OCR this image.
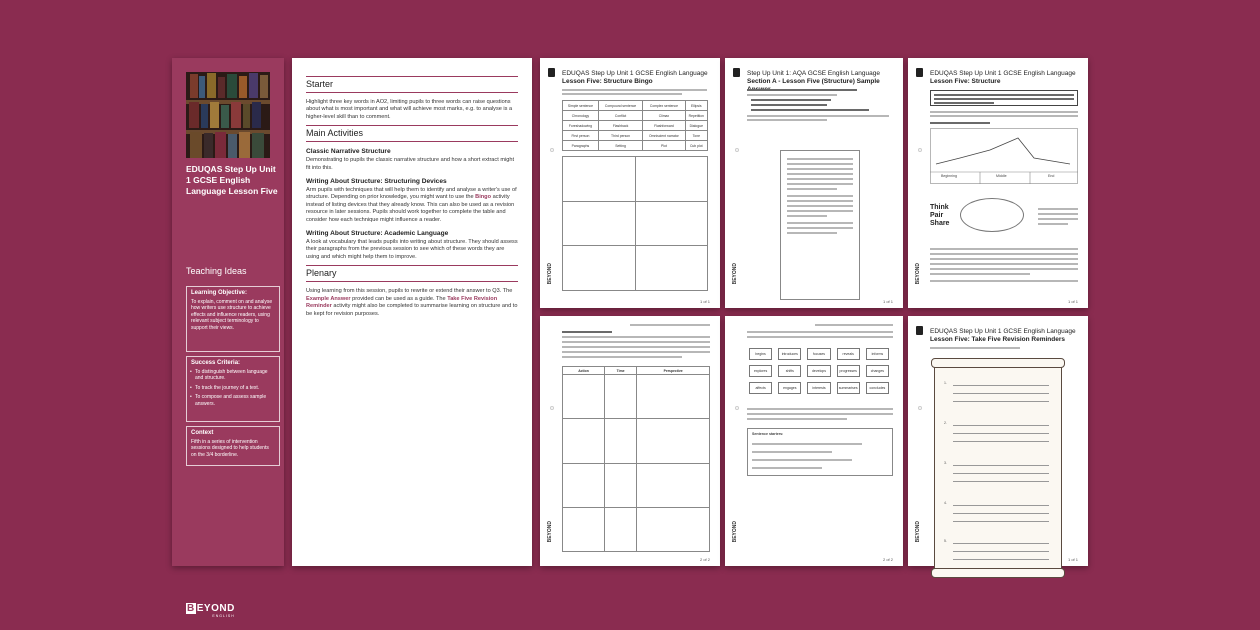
EDUQAS Step Up Unit 1 GCSE English Language Lesson Five
Teaching Ideas
Learning Objective:
To explain, comment on and analyse how writers use structure to achieve effects and influence readers, using relevant subject terminology to support their views.
Success Criteria:
• To distinguish between language and structure.
• To track the journey of a text.
• To compose and assess sample answers.
Context
Fifth in a series of intervention sessions designed to help students on the 3/4 borderline.
B EYOND
ENGLISH
Starter

Highlight three key words in AO2, limiting pupils to three words can raise questions about what is most important and what will achieve most marks, e.g. to analyse is a higher-level skill than to comment.

Main Activities
Classic Narrative Structure

Demonstrating to pupils the classic narrative structure and how a short extract might fit into this.

Writing About Structure: Structuring Devices

Arm pupils with techniques that will help them to identify and analyse a writer's use of structure. Depending on prior knowledge, you might want to use the Bingo activity instead of listing devices that they already know. This can also be used as a revision resource in later sessions. Pupils should work together to complete the table and consider how each technique might influence a reader.

Writing About Structure: Academic Language

A look at vocabulary that leads pupils into writing about structure. They should assess their paragraphs from the previous session to see which of these words they are using and which might help them to improve.

Plenary

Using learning from this session, pupils to rewrite or extend their answer to Q3. The Example Answer provided can be used as a guide. The Take Five Revision Reminder activity might also be completed to summarise learning on structure and to be kept for revision purposes.

EDUQAS Step Up Unit 1 GCSE English Language
Lesson Five: Structure Bingo
Simple sentence	Compound sentence	Complex sentence	Ellipsis
Chronology	Conflict	Climax	Repetition
Foreshadowing	Flashback	Flashforward	Dialogue
First person	Third person	Omniscient narrator	Tone
Paragraphs	Setting	Plot	Cub plot
BEYOND
1 of 1
Step Up Unit 1: AQA GCSE English Language
Section A - Lesson Five (Structure) Sample
BEYOND
1 of 1
EDUQAS Step Up Unit 1 GCSE English Language
Lesson Five: Structure
Beginning	Middle	End
Think Pair Share
BEYOND
1 of 1
Action	Time	Perspective

BEYOND
2 of 2
begins	introduces	focuses	reveals	informs
explores	shifts	develops	progresses	changes
affects	engages	interests	summarises	concludes
Sentence starters:
BEYOND
2 of 2
EDUQAS Step Up Unit 1 GCSE English Language
Lesson Five: Take Five Revision Reminders
1.
2.
3.
4.
5.
BEYOND
1 of 1
